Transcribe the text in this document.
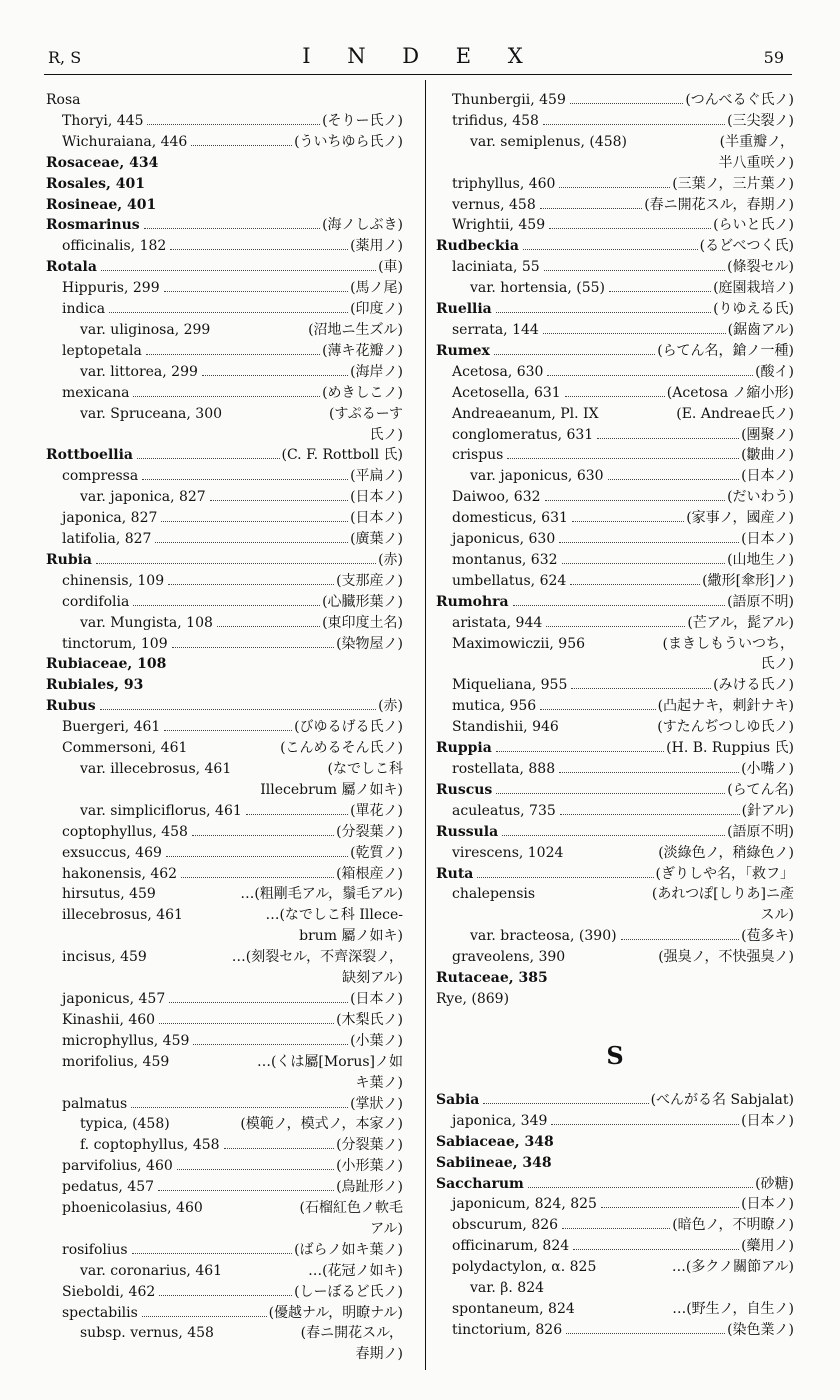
R, S	I N D E X	59
Rosa
Thoryi, 445	(そりー氏ノ)
Wichuraiana, 446	(ういちゆら氏ノ)
Rosaceae, 434
Rosales, 401
Rosineae, 401
Rosmarinus	(海ノしぶき)
officinalis, 182	(薬用ノ)
Rotala	(車)
Hippuris, 299	(馬ノ尾)
indica	(印度ノ)
var. uliginosa, 299	(沼地ニ生ズル)
leptopetala	(薄キ花瓣ノ)
var. littorea, 299	(海岸ノ)
mexicana	(めきしこノ)
var. Spruceana, 300	(すぷるーす
氏ノ)
Rottboellia	(C. F. Rottboll 氏)
compressa	(平扁ノ)
var. japonica, 827	(日本ノ)
japonica, 827	(日本ノ)
latifolia, 827	(廣葉ノ)
Rubia	(赤)
chinensis, 109	(支那産ノ)
cordifolia	(心臓形葉ノ)
var. Mungista, 108	(東印度土名)
tinctorum, 109	(染物屋ノ)
Rubiaceae, 108
Rubiales, 93
Rubus	(赤)
Buergeri, 461	(びゆるげる氏ノ)
Commersoni, 461	(こんめるそん氏ノ)
var. illecebrosus, 461	(なでしこ科
Illecebrum 屬ノ如キ)
var. simpliciflorus, 461	(單花ノ)
coptophyllus, 458	(分裂葉ノ)
exsuccus, 469	(乾質ノ)
hakonensis, 462	(箱根産ノ)
hirsutus, 459	…(粗剛毛アル，鬚毛アル)
illecebrosus, 461	…(なでしこ科 Illece-
brum 屬ノ如キ)
incisus, 459	…(刻裂セル，不齊深裂ノ，
缺刻アル)
japonicus, 457	(日本ノ)
Kinashii, 460	(木梨氏ノ)
microphyllus, 459	(小葉ノ)
morifolius, 459	…(くは屬[Morus]ノ如
キ葉ノ)
palmatus	(掌狀ノ)
typica, (458)	(模範ノ，模式ノ，本家ノ)
f. coptophyllus, 458	(分裂葉ノ)
parvifolius, 460	(小形葉ノ)
pedatus, 457	(鳥趾形ノ)
phoenicolasius, 460	(石榴紅色ノ軟毛
アル)
rosifolius	(ばらノ如キ葉ノ)
var. coronarius, 461	…(花冠ノ如キ)
Sieboldi, 462	(しーぼるど氏ノ)
spectabilis	(優越ナル，明瞭ナル)
subsp. vernus, 458	(春ニ開花スル，
春期ノ)
Thunbergii, 459	(つんべるぐ氏ノ)
trifidus, 458	(三尖裂ノ)
var. semiplenus, (458)	(半重瓣ノ，
半八重咲ノ)
triphyllus, 460	(三葉ノ，三片葉ノ)
vernus, 458	(春ニ開花スル，春期ノ)
Wrightii, 459	(らいと氏ノ)
Rudbeckia	(るどべつく氏)
laciniata, 55	(條裂セル)
var. hortensia, (55)	(庭園栽培ノ)
Ruellia	(りゆえる氏)
serrata, 144	(鋸齒アル)
Rumex	(らてん名，鎗ノ一種)
Acetosa, 630	(酸イ)
Acetosella, 631	(Acetosa ノ縮小形)
Andreaeanum, Pl. IX	(E. Andreae氏ノ)
conglomeratus, 631	(團聚ノ)
crispus	(皺曲ノ)
var. japonicus, 630	(日本ノ)
Daiwoo, 632	(だいわう)
domesticus, 631	(家事ノ，國産ノ)
japonicus, 630	(日本ノ)
montanus, 632	(山地生ノ)
umbellatus, 624	(繖形[傘形]ノ)
Rumohra	(語原不明)
aristata, 944	(芒アル，髭アル)
Maximowiczii, 956	(まきしもういつち，
氏ノ)
Miqueliana, 955	(みける氏ノ)
mutica, 956	(凸起ナキ，刺針ナキ)
Standishii, 946	(すたんぢつしゆ氏ノ)
Ruppia	(H. B. Ruppius 氏)
rostellata, 888	(小嘴ノ)
Ruscus	(らてん名)
aculeatus, 735	(針アル)
Russula	(語原不明)
virescens, 1024	(淡綠色ノ，稍綠色ノ)
Ruta	(ぎりしや名，「救フ」
chalepensis	(あれつぽ[しりあ]ニ產
スル)
var. bracteosa, (390)	(苞多キ)
graveolens, 390	(强臭ノ，不快强臭ノ)
Rutaceae, 385
Rye, (869)
S
Sabia	(べんがる名 Sabjalat)
japonica, 349	(日本ノ)
Sabiaceae, 348
Sabiineae, 348
Saccharum	(砂糖)
japonicum, 824, 825	(日本ノ)
obscurum, 826	(暗色ノ，不明瞭ノ)
officinarum, 824	(藥用ノ)
polydactylon, α. 825	…(多クノ關節アル)
var. β. 824
spontaneum, 824	…(野生ノ，自生ノ)
tinctorium, 826	(染色業ノ)
